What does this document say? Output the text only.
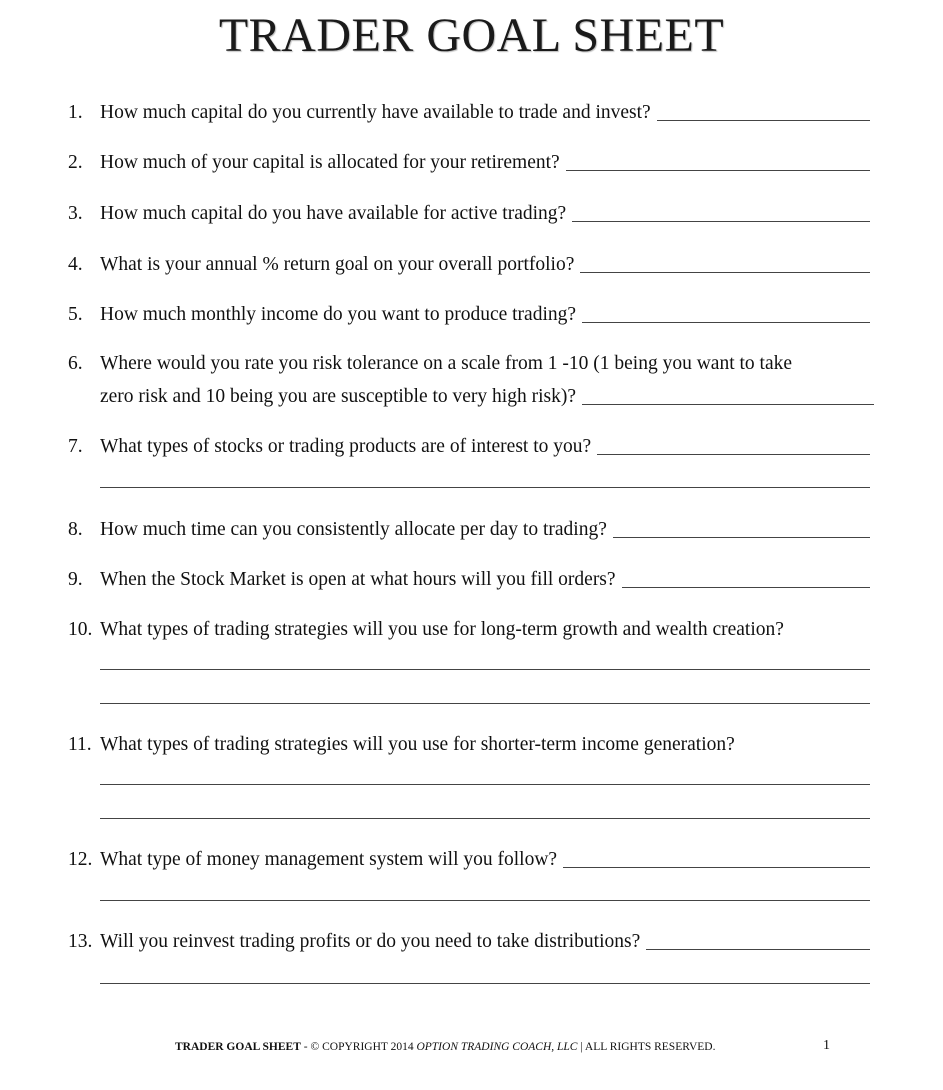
TRADER GOAL SHEET
1. How much capital do you currently have available to trade and invest?
2. How much of your capital is allocated for your retirement?
3. How much capital do you have available for active trading?
4. What is your annual % return goal on your overall portfolio?
5. How much monthly income do you want to produce trading?
6. Where would you rate you risk tolerance on a scale from 1 -10 (1 being you want to take
zero risk and 10 being you are susceptible to very high risk)?
7. What types of stocks or trading products are of interest to you?
8. How much time can you consistently allocate per day to trading?
9. When the Stock Market is open at what hours will you fill orders?
10. What types of trading strategies will you use for long-term growth and wealth creation?
11. What types of trading strategies will you use for shorter-term income generation?
12. What type of money management system will you follow?
13. Will you reinvest trading profits or do you need to take distributions?
TRADER GOAL SHEET - © COPYRIGHT 2014 OPTION TRADING COACH, LLC | ALL RIGHTS RESERVED.	1
